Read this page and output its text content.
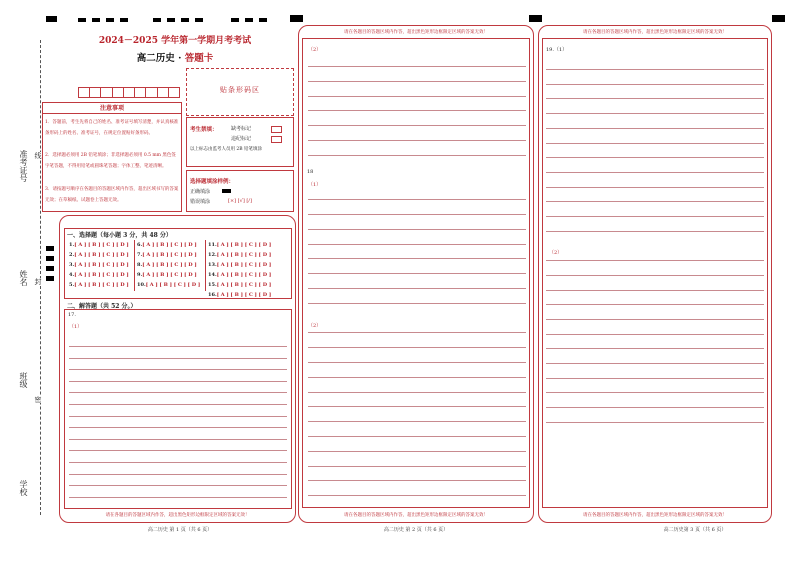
准考证号
姓名
班级
学校
线
封
密
2024－2025 学年第一学期月考考试
高二历史 · 答题卡
贴条形码区
注意事项
1．答题前，考生先将自己的姓名、准考证号填写清楚，并认真核准条形码上的姓名、准考证号，在规定位置贴好条形码。
2．选择题必须用 2B 铅笔填涂；非选择题必须用 0.5 mm 黑色签字笔答题，不得用铅笔或圆珠笔答题；字体工整、笔迹清晰。
3．请按题号顺序在各题目的答题区域内作答，超出区域书写的答案无效；在草稿纸、试题卷上答题无效。
考生禁填：	缺考标记
违纪标记
以上标志由监考人员用 2B 铅笔填涂
选择题填涂样例：
正确填涂
错误填涂	[×] [√] [/]
一、选择题（每小题 3 分，共 48 分）
1.[ A ] [ B ] [ C ] [ D ]
2.[ A ] [ B ] [ C ] [ D ]
3.[ A ] [ B ] [ C ] [ D ]
4.[ A ] [ B ] [ C ] [ D ]
5.[ A ] [ B ] [ C ] [ D ]
6.[ A ] [ B ] [ C ] [ D ]
7.[ A ] [ B ] [ C ] [ D ]
8.[ A ] [ B ] [ C ] [ D ]
9.[ A ] [ B ] [ C ] [ D ]
10.[ A ] [ B ] [ C ] [ D ]
11.[ A ] [ B ] [ C ] [ D ]
12.[ A ] [ B ] [ C ] [ D ]
13.[ A ] [ B ] [ C ] [ D ]
14.[ A ] [ B ] [ C ] [ D ]
15.[ A ] [ B ] [ C ] [ D ]
16.[ A ] [ B ] [ C ] [ D ]
二、解答题（共 52 分。）
17.
（1）
请在各题目的答题区域内作答，超出黑色矩形边框限定区域的答案无效！
高二历史 第 1 页（共 6 页）
请在各题目的答题区域内作答，超出黑色矩形边框限定区域的答案无效！
（2）
18
（1）
（2）
请在各题目的答题区域内作答，超出黑色矩形边框限定区域的答案无效！
高二历史 第 2 页（共 6 页）
请在各题目的答题区域内作答，超出黑色矩形边框限定区域的答案无效！
19.（1）
（2）
请在各题目的答题区域内作答，超出黑色矩形边框限定区域的答案无效！
高二历史第 3 页（共 6 页）
